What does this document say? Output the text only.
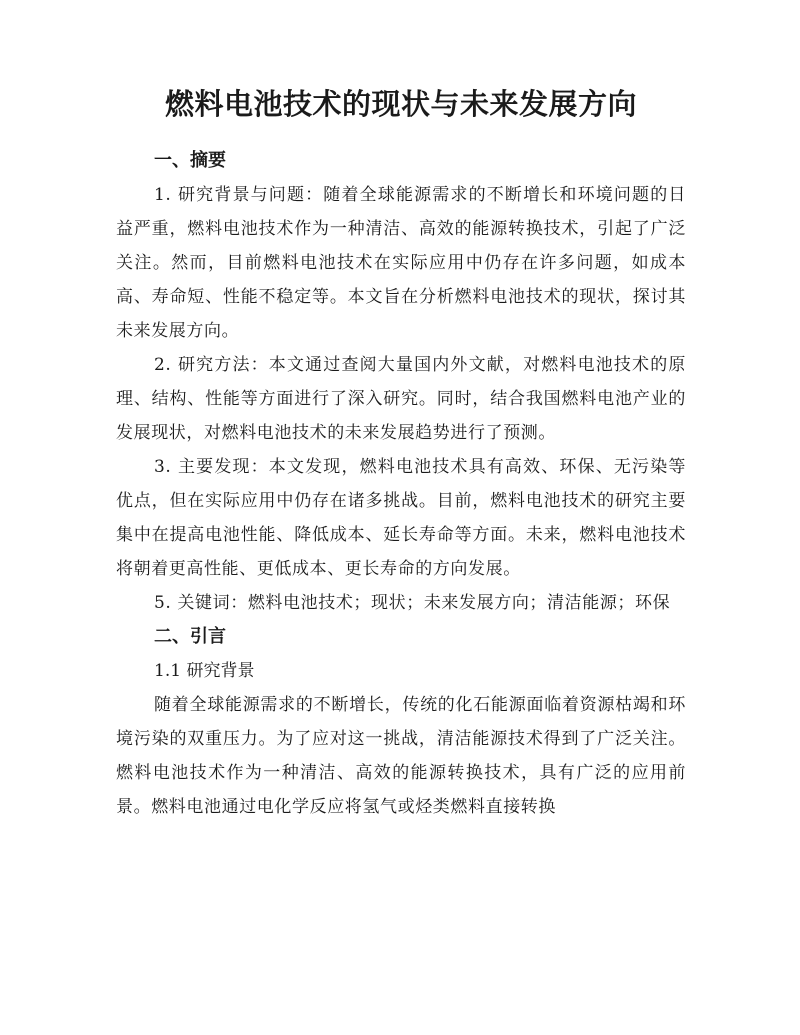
燃料电池技术的现状与未来发展方向
一、摘要

1. 研究背景与问题：随着全球能源需求的不断增长和环境问题的日益严重，燃料电池技术作为一种清洁、高效的能源转换技术，引起了广泛关注。然而，目前燃料电池技术在实际应用中仍存在许多问题，如成本高、寿命短、性能不稳定等。本文旨在分析燃料电池技术的现状，探讨其未来发展方向。

2. 研究方法：本文通过查阅大量国内外文献，对燃料电池技术的原理、结构、性能等方面进行了深入研究。同时，结合我国燃料电池产业的发展现状，对燃料电池技术的未来发展趋势进行了预测。

3. 主要发现：本文发现，燃料电池技术具有高效、环保、无污染等优点，但在实际应用中仍存在诸多挑战。目前，燃料电池技术的研究主要集中在提高电池性能、降低成本、延长寿命等方面。未来，燃料电池技术将朝着更高性能、更低成本、更长寿命的方向发展。

5. 关键词：燃料电池技术；现状；未来发展方向；清洁能源；环保

二、引言

1.1 研究背景

随着全球能源需求的不断增长，传统的化石能源面临着资源枯竭和环境污染的双重压力。为了应对这一挑战，清洁能源技术得到了广泛关注。燃料电池技术作为一种清洁、高效的能源转换技术，具有广泛的应用前景。燃料电池通过电化学反应将氢气或烃类燃料直接转换
